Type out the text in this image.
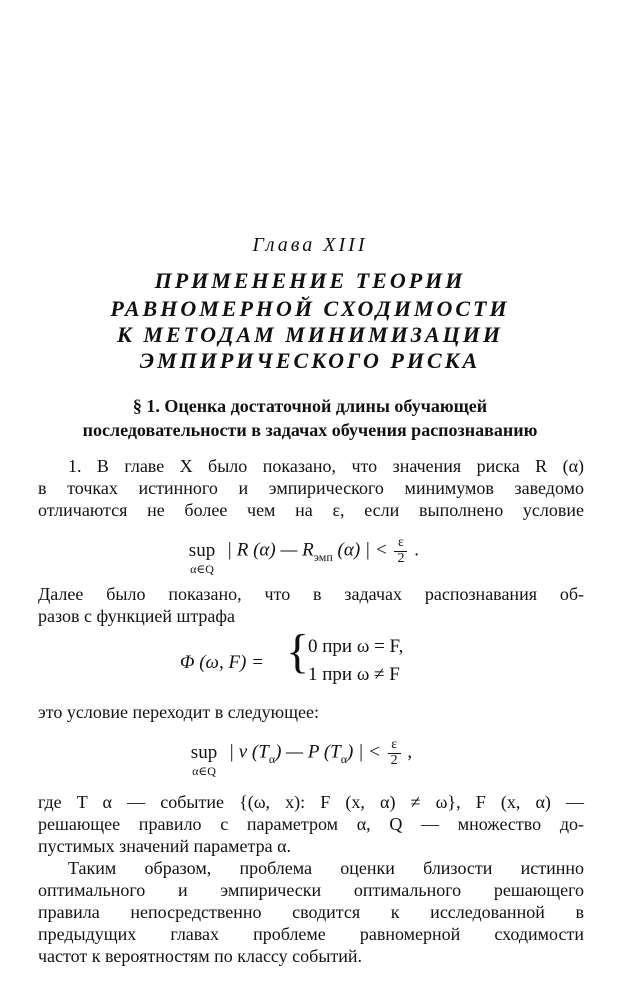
Глава XIII
ПРИМЕНЕНИЕ ТЕОРИИ
РАВНОМЕРНОЙ СХОДИМОСТИ
К МЕТОДАМ МИНИМИЗАЦИИ
ЭМПИРИЧЕСКОГО РИСКА
§ 1. Оценка достаточной длины обучающей
последовательности в задачах обучения распознаванию
1. В главе X было показано, что значения риска R (α)
в точках истинного и эмпирического минимумов заведомо
отличаются не более чем на ε, если выполнено условие
sup
α∈Q
| R (α) — $R_{эмп}$ (α) | < $\frac{\varepsilon}{2}$ .
Далее было показано, что в задачах распознавания об-
разов с функцией штрафа
Φ (ω, F) = {
0 при ω = F,
1 при ω ≠ F
это условие переходит в следующее:
sup
α∈Q
| ν $(T_\alpha)$ — P $(T_\alpha)$ | < $\frac{\varepsilon}{2}$ ,
где T α — событие {(ω, x): F (x, α) ≠ ω}, F (x, α) —
решающее правило с параметром α, Q — множество до-
пустимых значений параметра α.
Таким образом, проблема оценки близости истинно
оптимального и эмпирически оптимального решающего
правила непосредственно сводится к исследованной в
предыдущих главах проблеме равномерной сходимости
частот к вероятностям по классу событий.
